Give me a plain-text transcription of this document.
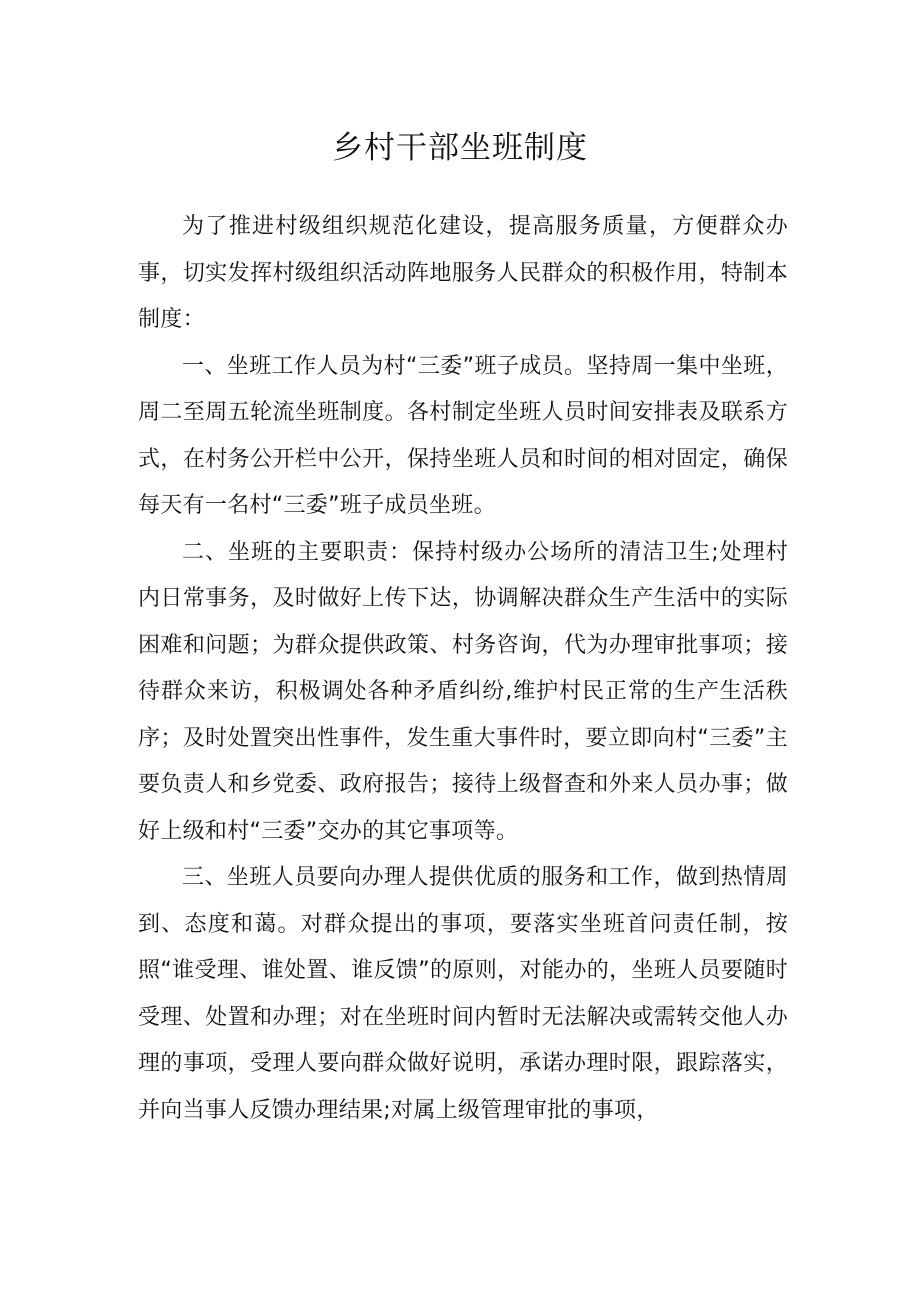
乡村干部坐班制度

为了推进村级组织规范化建设，提高服务质量，方便群众办事，切实发挥村级组织活动阵地服务人民群众的积极作用，特制本制度：

一、坐班工作人员为村“三委”班子成员。坚持周一集中坐班，周二至周五轮流坐班制度。各村制定坐班人员时间安排表及联系方式，在村务公开栏中公开，保持坐班人员和时间的相对固定，确保每天有一名村“三委”班子成员坐班。

二、坐班的主要职责：保持村级办公场所的清洁卫生;处理村内日常事务，及时做好上传下达，协调解决群众生产生活中的实际困难和问题；为群众提供政策、村务咨询，代为办理审批事项；接待群众来访，积极调处各种矛盾纠纷,维护村民正常的生产生活秩序；及时处置突出性事件，发生重大事件时，要立即向村“三委”主要负责人和乡党委、政府报告；接待上级督查和外来人员办事；做好上级和村“三委”交办的其它事项等。

三、坐班人员要向办理人提供优质的服务和工作，做到热情周到、态度和蔼。对群众提出的事项，要落实坐班首问责任制，按照“谁受理、谁处置、谁反馈”的原则，对能办的，坐班人员要随时受理、处置和办理；对在坐班时间内暂时无法解决或需转交他人办理的事项，受理人要向群众做好说明，承诺办理时限，跟踪落实，并向当事人反馈办理结果;对属上级管理审批的事项，
